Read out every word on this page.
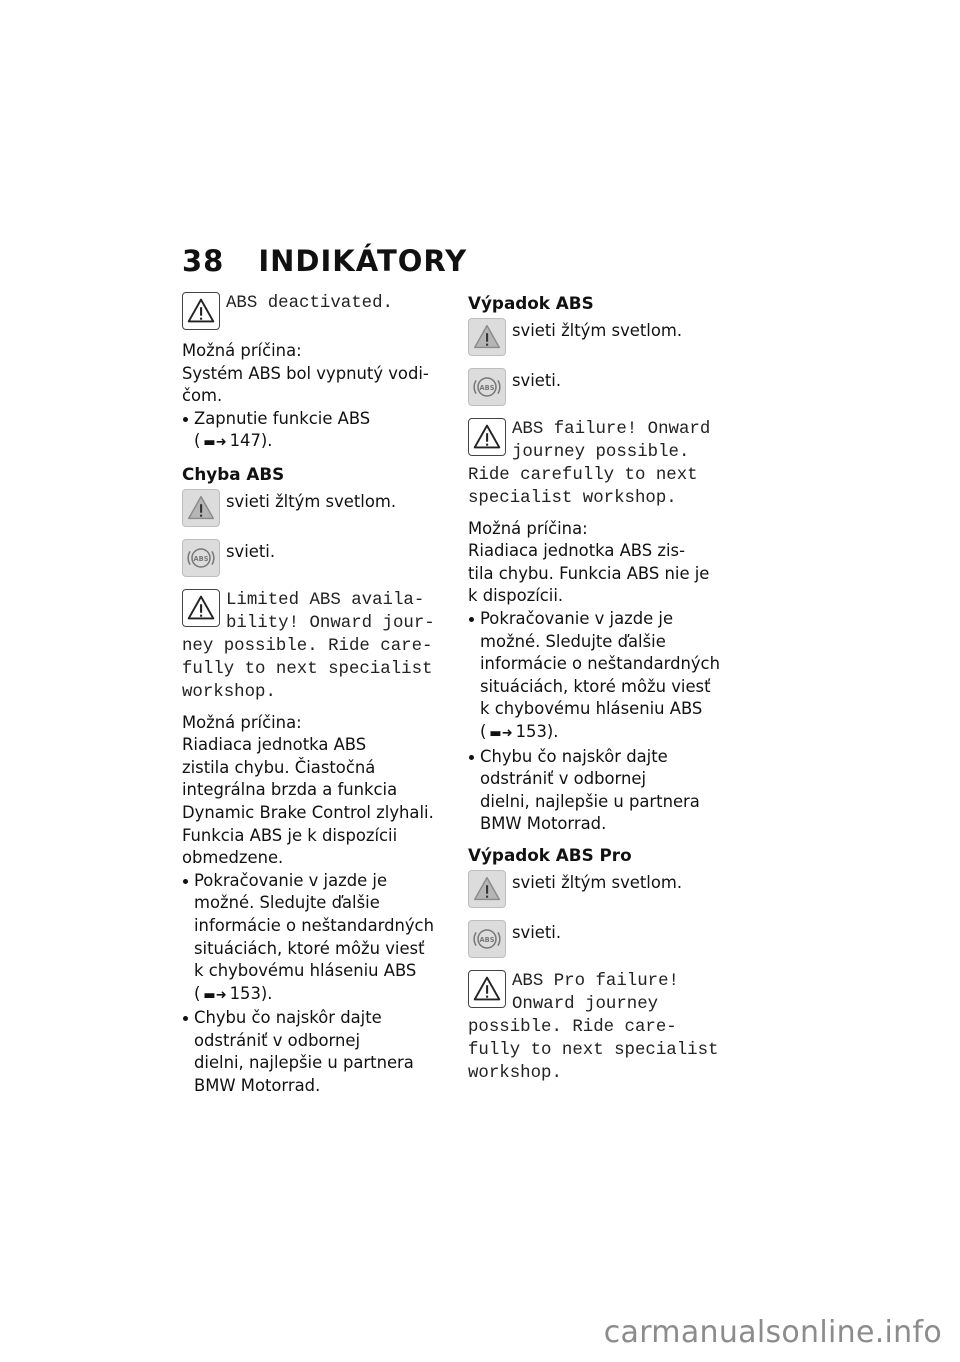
38 INDIKÁTORY
ABS deactivated.

Možná príčina:

Systém ABS bol vypnutý vodi-
čom.

Zapnutie funkcie ABS
( ▬➜ 147).

Chyba ABS

svieti žltým svetlom.
ABS	svieti.
Limited ABS availa-
bility! Onward jour-
ney possible. Ride care-
fully to next specialist
workshop.

Možná príčina:

Riadiaca jednotka ABS
zistila chybu. Čiastočná
integrálna brzda a funkcia
Dynamic Brake Control zlyhali.
Funkcia ABS je k dispozícii
obmedzene.

Pokračovanie v jazde je
možné. Sledujte ďalšie
informácie o neštandardných
situáciách, ktoré môžu viesť
k chybovému hláseniu ABS
( ▬➜ 153).
Chybu čo najskôr dajte
odstrániť v odbornej
dielni, najlepšie u partnera
BMW Motorrad.

Výpadok ABS

svieti žltým svetlom.
ABS	svieti.
ABS failure! Onward
journey possible.
Ride carefully to next
specialist workshop.

Možná príčina:

Riadiaca jednotka ABS zis-
tila chybu. Funkcia ABS nie je
k dispozícii.

Pokračovanie v jazde je
možné. Sledujte ďalšie
informácie o neštandardných
situáciách, ktoré môžu viesť
k chybovému hláseniu ABS
( ▬➜ 153).
Chybu čo najskôr dajte
odstrániť v odbornej
dielni, najlepšie u partnera
BMW Motorrad.

Výpadok ABS Pro

svieti žltým svetlom.
ABS	svieti.
ABS Pro failure!
Onward journey
possible. Ride care-
fully to next specialist
workshop.
carmanualsonline.info
